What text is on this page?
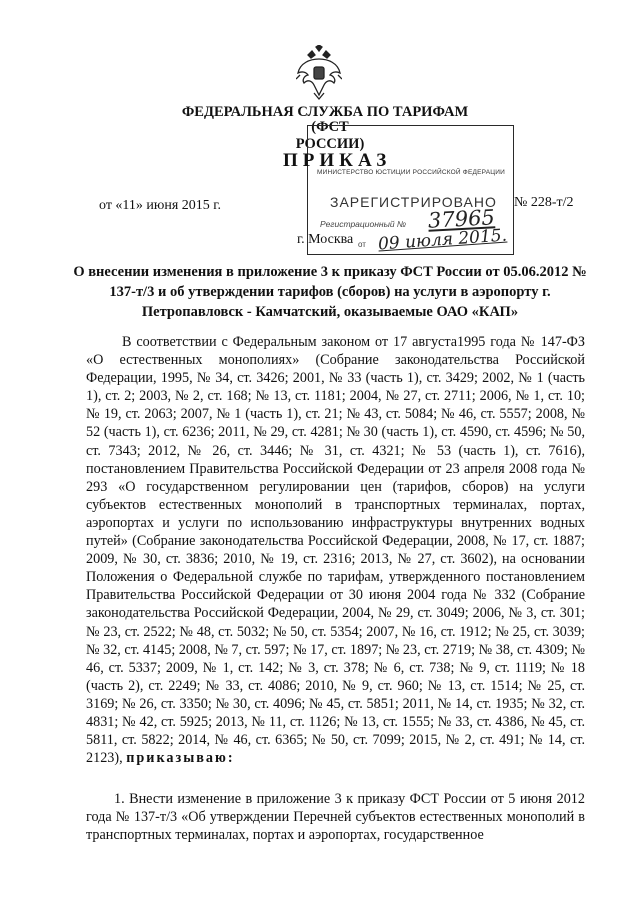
ФЕДЕРАЛЬНАЯ СЛУЖБА ПО ТАРИФАМ
(ФСТ РОССИИ)
МИНИСТЕРСТВО ЮСТИЦИИ РОССИЙСКОЙ ФЕДЕРАЦИИ
ЗАРЕГИСТРИРОВАНО
Регистрационный № 37965
от 09 июля 2015.
ПРИКАЗ
от «11» июня 2015 г.	№ 228-т/2
г. Москва
О внесении изменения в приложение 3 к приказу ФСТ России от 05.06.2012 № 137-т/3 и об утверждении тарифов (сборов) на услуги в аэропорту г. Петропавловск - Камчатский, оказываемые ОАО «КАП»

В соответствии с Федеральным законом от 17 августа1995 года № 147-ФЗ «О естественных монополиях» (Собрание законодательства Российской Федерации, 1995, № 34, ст. 3426; 2001, № 33 (часть 1), ст. 3429; 2002, № 1 (часть 1), ст. 2; 2003, № 2, ст. 168; № 13, ст. 1181; 2004, № 27, ст. 2711; 2006, № 1, ст. 10; № 19, ст. 2063; 2007, № 1 (часть 1), ст. 21; № 43, ст. 5084; № 46, ст. 5557; 2008, № 52 (часть 1), ст. 6236; 2011, № 29, ст. 4281; № 30 (часть 1), ст. 4590, ст. 4596; № 50, ст. 7343; 2012, № 26, ст. 3446; № 31, ст. 4321; № 53 (часть 1), ст. 7616), постановлением Правительства Российской Федерации от 23 апреля 2008 года № 293 «О государственном регулировании цен (тарифов, сборов) на услуги субъектов естественных монополий в транспортных терминалах, портах, аэропортах и услуги по использованию инфраструктуры внутренних водных путей» (Собрание законодательства Российской Федерации, 2008, № 17, ст. 1887; 2009, № 30, ст. 3836; 2010, № 19, ст. 2316; 2013, № 27, ст. 3602), на основании Положения о Федеральной службе по тарифам, утвержденного постановлением Правительства Российской Федерации от 30 июня 2004 года № 332 (Собрание законодательства Российской Федерации, 2004, № 29, ст. 3049; 2006, № 3, ст. 301; № 23, ст. 2522; № 48, ст. 5032; № 50, ст. 5354; 2007, № 16, ст. 1912; № 25, ст. 3039; № 32, ст. 4145; 2008, № 7, ст. 597; № 17, ст. 1897; № 23, ст. 2719; № 38, ст. 4309; № 46, ст. 5337; 2009, № 1, ст. 142; № 3, ст. 378; № 6, ст. 738; № 9, ст. 1119; № 18 (часть 2), ст. 2249; № 33, ст. 4086; 2010, № 9, ст. 960; № 13, ст. 1514; № 25, ст. 3169; № 26, ст. 3350; № 30, ст. 4096; № 45, ст. 5851; 2011, № 14, ст. 1935; № 32, ст. 4831; № 42, ст. 5925; 2013, № 11, ст. 1126; № 13, ст. 1555; № 33, ст. 4386, № 45, ст. 5811, ст. 5822; 2014, № 46, ст. 6365; № 50, ст. 7099; 2015, № 2, ст. 491; № 14, ст. 2123), приказываю:

1. Внести изменение в приложение 3 к приказу ФСТ России от 5 июня 2012 года № 137-т/3 «Об утверждении Перечней субъектов естественных монополий в транспортных терминалах, портах и аэропортах, государственное
